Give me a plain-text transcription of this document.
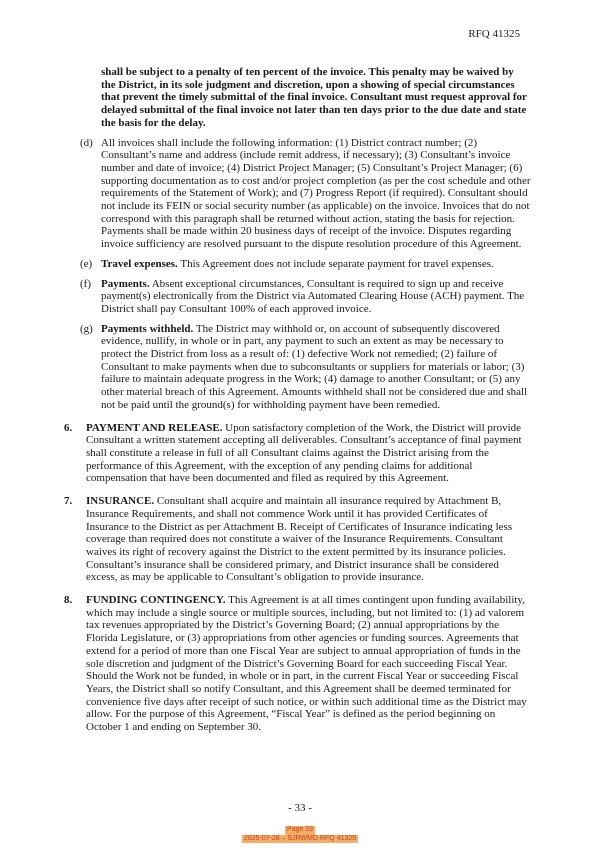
RFQ 41325

shall be subject to a penalty of ten percent of the invoice. This penalty may be waived by the District, in its sole judgment and discretion, upon a showing of special circumstances that prevent the timely submittal of the final invoice. Consultant must request approval for delayed submittal of the final invoice not later than ten days prior to the due date and state the basis for the delay.

(d) All invoices shall include the following information: (1) District contract number; (2) Consultant’s name and address (include remit address, if necessary); (3) Consultant’s invoice number and date of invoice; (4) District Project Manager; (5) Consultant’s Project Manager; (6) supporting documentation as to cost and/or project completion (as per the cost schedule and other requirements of the Statement of Work); and (7) Progress Report (if required). Consultant should not include its FEIN or social security number (as applicable) on the invoice. Invoices that do not correspond with this paragraph shall be returned without action, stating the basis for rejection. Payments shall be made within 20 business days of receipt of the invoice. Disputes regarding invoice sufficiency are resolved pursuant to the dispute resolution procedure of this Agreement.
(e) Travel expenses. This Agreement does not include separate payment for travel expenses.
(f) Payments. Absent exceptional circumstances, Consultant is required to sign up and receive payment(s) electronically from the District via Automated Clearing House (ACH) payment. The District shall pay Consultant 100% of each approved invoice.
(g) Payments withheld. The District may withhold or, on account of subsequently discovered evidence, nullify, in whole or in part, any payment to such an extent as may be necessary to protect the District from loss as a result of: (1) defective Work not remedied; (2) failure of Consultant to make payments when due to subconsultants or suppliers for materials or labor; (3) failure to maintain adequate progress in the Work; (4) damage to another Consultant; or (5) any other material breach of this Agreement. Amounts withheld shall not be considered due and shall not be paid until the ground(s) for withholding payment have been remedied.
6. PAYMENT AND RELEASE. Upon satisfactory completion of the Work, the District will provide Consultant a written statement accepting all deliverables. Consultant’s acceptance of final payment shall constitute a release in full of all Consultant claims against the District arising from the performance of this Agreement, with the exception of any pending claims for additional compensation that have been documented and filed as required by this Agreement.
7. INSURANCE. Consultant shall acquire and maintain all insurance required by Attachment B, Insurance Requirements, and shall not commence Work until it has provided Certificates of Insurance to the District as per Attachment B. Receipt of Certificates of Insurance indicating less coverage than required does not constitute a waiver of the Insurance Requirements. Consultant waives its right of recovery against the District to the extent permitted by its insurance policies. Consultant’s insurance shall be considered primary, and District insurance shall be considered excess, as may be applicable to Consultant’s obligation to provide insurance.
8. FUNDING CONTINGENCY. This Agreement is at all times contingent upon funding availability, which may include a single source or multiple sources, including, but not limited to: (1) ad valorem tax revenues appropriated by the District’s Governing Board; (2) annual appropriations by the Florida Legislature, or (3) appropriations from other agencies or funding sources. Agreements that extend for a period of more than one Fiscal Year are subject to annual appropriation of funds in the sole discretion and judgment of the District’s Governing Board for each succeeding Fiscal Year. Should the Work not be funded, in whole or in part, in the current Fiscal Year or succeeding Fiscal Years, the District shall so notify Consultant, and this Agreement shall be deemed terminated for convenience five days after receipt of such notice, or within such additional time as the District may allow. For the purpose of this Agreement, “Fiscal Year” is defined as the period beginning on October 1 and ending on September 30.
- 33 -
Page 33
2025-07-28 – SJRWMD RFQ 41325
